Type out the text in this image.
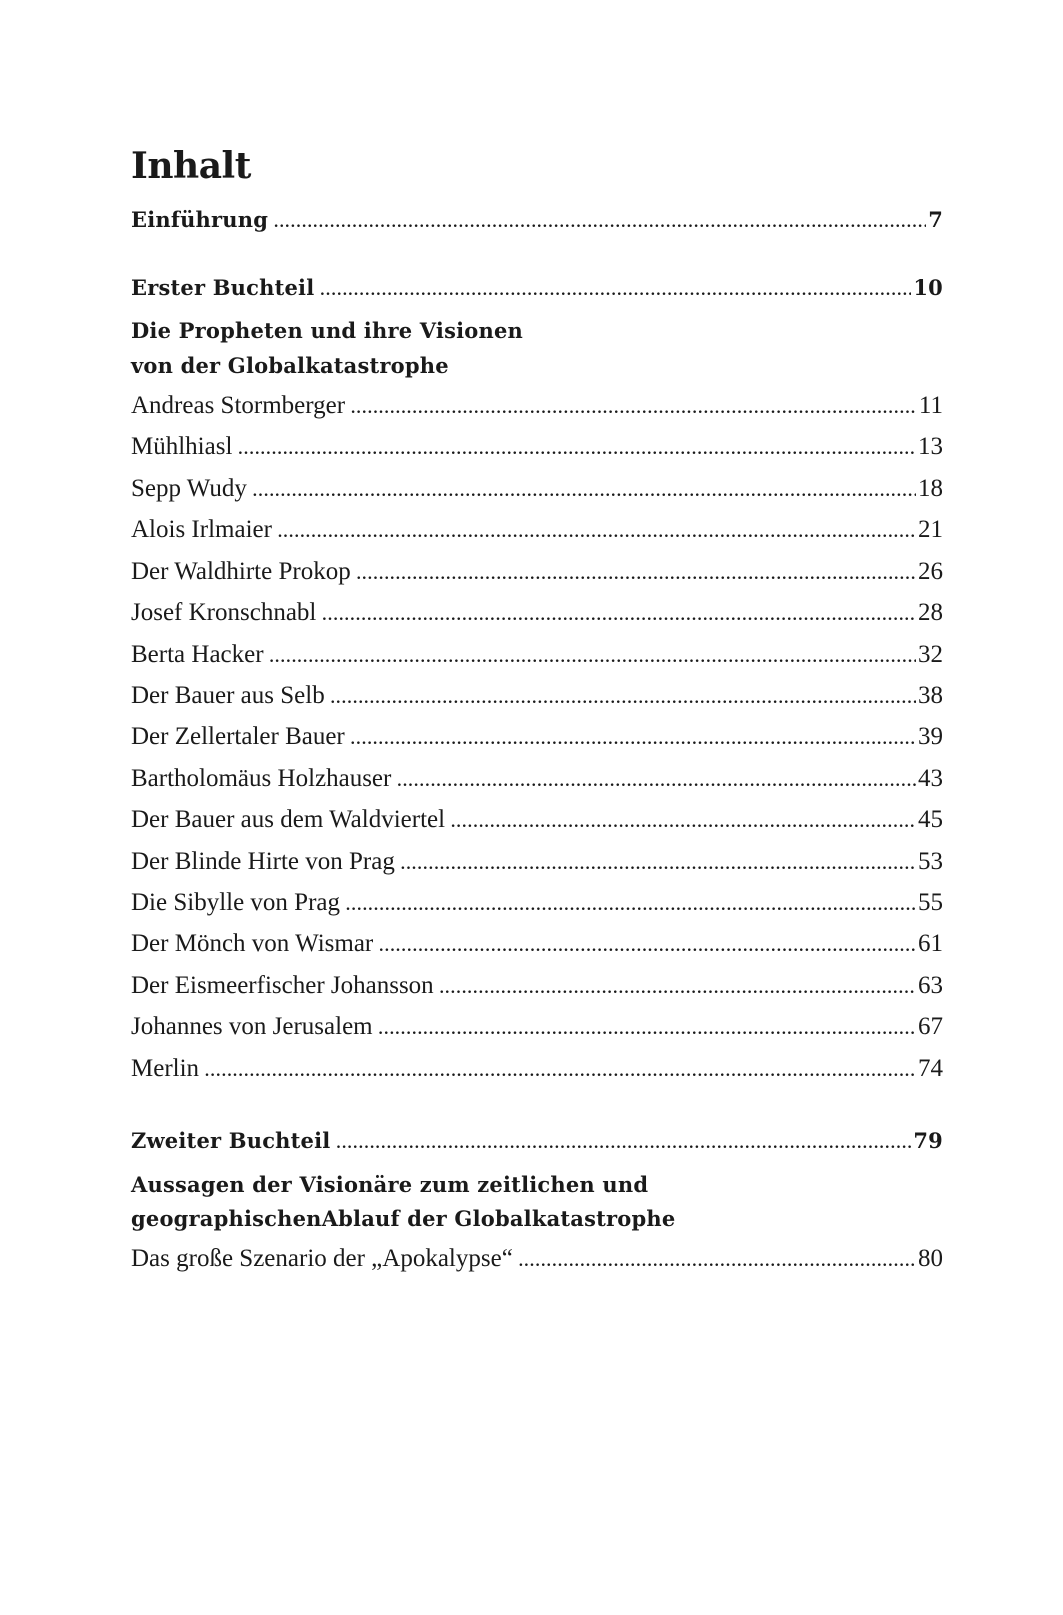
Inhalt
Einführung .....	7
Erster Buchteil .....	10

Die Propheten und ihre Visionen

von der Globalkatastrophe

Andreas Stormberger .....	11
Mühlhiasl .....	13
Sepp Wudy .....	18
Alois Irlmaier .....	21
Der Waldhirte Prokop .....	26
Josef Kronschnabl .....	28
Berta Hacker .....	32
Der Bauer aus Selb .....	38
Der Zellertaler Bauer .....	39
Bartholomäus Holzhauser .....	43
Der Bauer aus dem Waldviertel .....	45
Der Blinde Hirte von Prag .....	53
Die Sibylle von Prag .....	55
Der Mönch von Wismar .....	61
Der Eismeerfischer Johansson .....	63
Johannes von Jerusalem .....	67
Merlin .....	74
Zweiter Buchteil .....	79

Aussagen der Visionäre zum zeitlichen und

geographischenAblauf der Globalkatastrophe

Das große Szenario der „Apokalypse“ .....	80
